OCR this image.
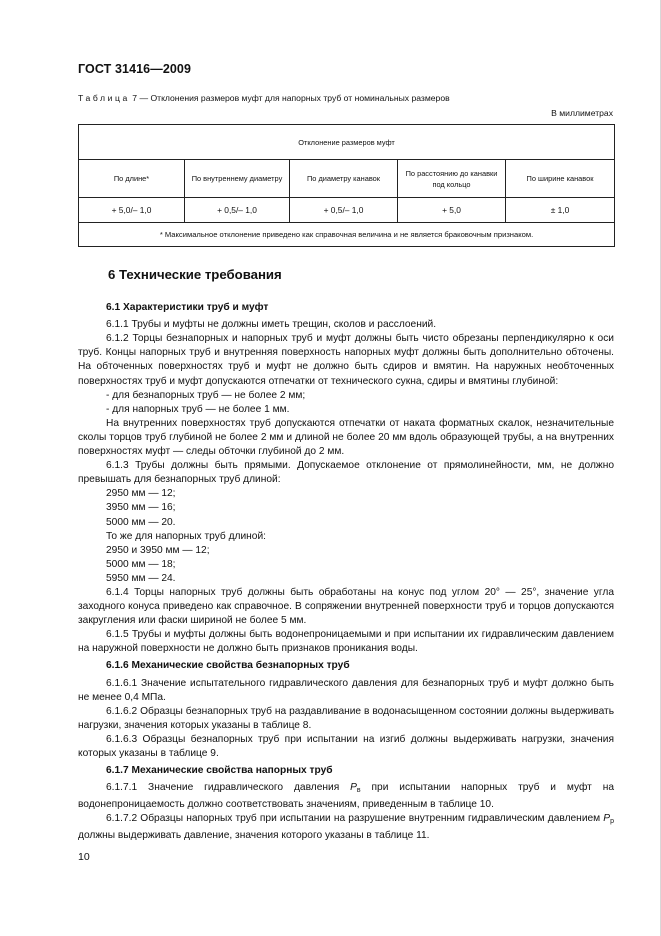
ГОСТ 31416—2009
Таблица 7 — Отклонения размеров муфт для напорных труб от номинальных размеров
В миллиметрах
Отклонение размеров муфт				
По длине*	По внутреннему диаметру	По диаметру канавок	По расстоянию до канавки под кольцо	По ширине канавок
+ 5,0/– 1,0	+ 0,5/– 1,0	+ 0,5/– 1,0	+ 5,0	± 1,0
* Максимальное отклонение приведено как справочная величина и не является браковочным признаком.				

6 Технические требования

6.1 Характеристики труб и муфт

6.1.1 Трубы и муфты не должны иметь трещин, сколов и расслоений.

6.1.2 Торцы безнапорных и напорных труб и муфт должны быть чисто обрезаны перпендикулярно к оси труб. Концы напорных труб и внутренняя поверхность напорных муфт должны быть дополнительно обточены. На обточенных поверхностях труб и муфт не должно быть сдиров и вмятин. На наружных необточенных поверхностях труб и муфт допускаются отпечатки от технического сукна, сдиры и вмятины глубиной:

- для безнапорных труб — не более 2 мм;

- для напорных труб — не более 1 мм.

На внутренних поверхностях труб допускаются отпечатки от наката форматных скалок, незначительные сколы торцов труб глубиной не более 2 мм и длиной не более 20 мм вдоль образующей трубы, а на внутренних поверхностях муфт — следы обточки глубиной до 2 мм.

6.1.3 Трубы должны быть прямыми. Допускаемое отклонение от прямолинейности, мм, не должно превышать для безнапорных труб длиной:

2950 мм — 12;

3950 мм — 16;

5000 мм — 20.

То же для напорных труб длиной:

2950 и 3950 мм — 12;

5000 мм — 18;

5950 мм — 24.

6.1.4 Торцы напорных труб должны быть обработаны на конус под углом 20° — 25°, значение угла заходного конуса приведено как справочное. В сопряжении внутренней поверхности труб и торцов допускаются закругления или фаски шириной не более 5 мм.

6.1.5 Трубы и муфты должны быть водонепроницаемыми и при испытании их гидравлическим давлением на наружной поверхности не должно быть признаков проникания воды.

6.1.6 Механические свойства безнапорных труб

6.1.6.1 Значение испытательного гидравлического давления для безнапорных труб и муфт должно быть не менее 0,4 МПа.

6.1.6.2 Образцы безнапорных труб на раздавливание в водонасыщенном состоянии должны выдерживать нагрузки, значения которых указаны в таблице 8.

6.1.6.3 Образцы безнапорных труб при испытании на изгиб должны выдерживать нагрузки, значения которых указаны в таблице 9.

6.1.7 Механические свойства напорных труб

6.1.7.1 Значение гидравлического давления $P_в$ при испытании напорных труб и муфт на водонепроницаемость должно соответствовать значениям, приведенным в таблице 10.

6.1.7.2 Образцы напорных труб при испытании на разрушение внутренним гидравлическим давлением $P_р$ должны выдерживать давление, значения которого указаны в таблице 11.

10
